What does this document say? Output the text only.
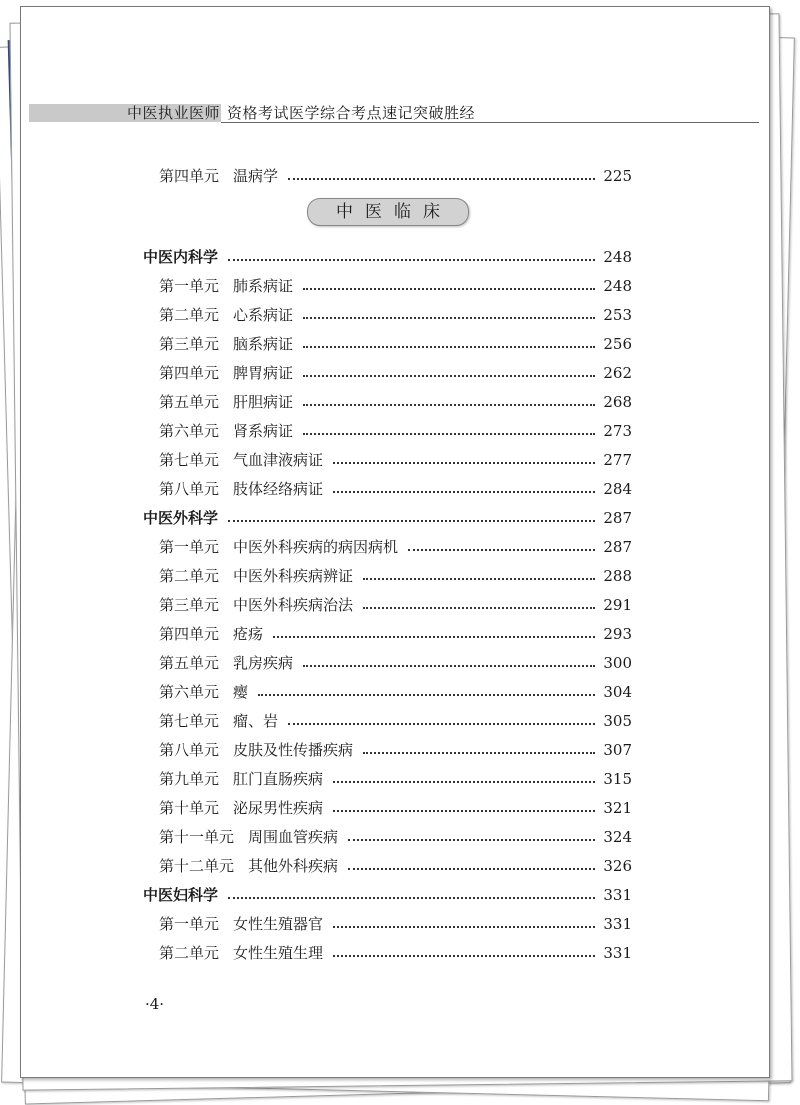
中医执业医师 资格考试医学综合考点速记突破胜经
中医临床
第四单元 温病学	225
中医内科学	248
第一单元 肺系病证	248
第二单元 心系病证	253
第三单元 脑系病证	256
第四单元 脾胃病证	262
第五单元 肝胆病证	268
第六单元 肾系病证	273
第七单元 气血津液病证	277
第八单元 肢体经络病证	284
中医外科学	287
第一单元 中医外科疾病的病因病机	287
第二单元 中医外科疾病辨证	288
第三单元 中医外科疾病治法	291
第四单元 疮疡	293
第五单元 乳房疾病	300
第六单元 瘿	304
第七单元 瘤、岩	305
第八单元 皮肤及性传播疾病	307
第九单元 肛门直肠疾病	315
第十单元 泌尿男性疾病	321
第十一单元 周围血管疾病	324
第十二单元 其他外科疾病	326
中医妇科学	331
第一单元 女性生殖器官	331
第二单元 女性生殖生理	331
·4·
